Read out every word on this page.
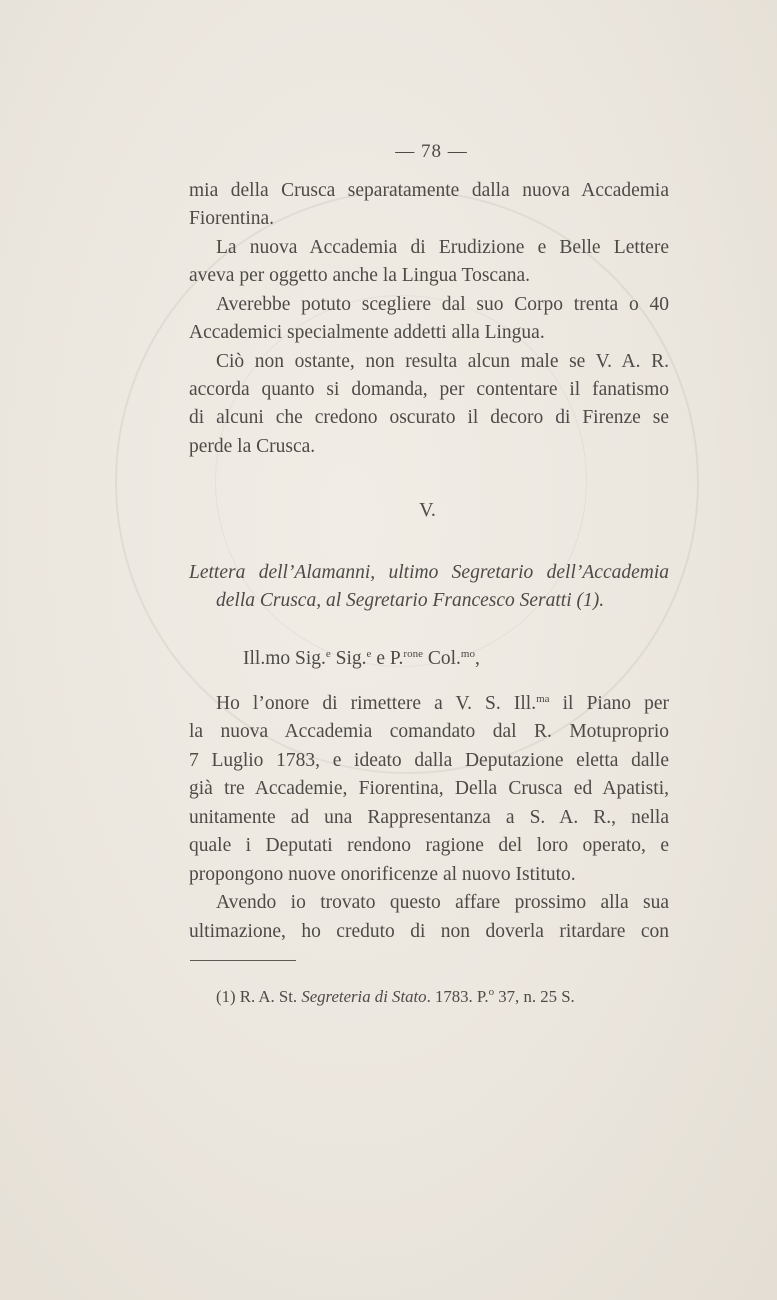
— 78 —
mia della Crusca separatamente dalla nuova Accademia
Fiorentina.
La nuova Accademia di Erudizione e Belle Lettere
aveva per oggetto anche la Lingua Toscana.
Averebbe potuto scegliere dal suo Corpo trenta o 40
Accademici specialmente addetti alla Lingua.
Ciò non ostante, non resulta alcun male se V. A. R.
accorda quanto si domanda, per contentare il fanatismo
di alcuni che credono oscurato il decoro di Firenze se
perde la Crusca.
V.
Lettera dell’Alamanni, ultimo Segretario dell’Accademia
della Crusca, al Segretario Francesco Seratti (1).
Ill.mo Sig.$^e$ Sig.$^e$ e P.$^{rone}$ Col.$^{mo}$,
Ho l’onore di rimettere a V. S. Ill.$^{ma}$ il Piano per
la nuova Accademia comandato dal R. Motuproprio
7 Luglio 1783, e ideato dalla Deputazione eletta dalle
già tre Accademie, Fiorentina, Della Crusca ed Apatisti,
unitamente ad una Rappresentanza a S. A. R., nella
quale i Deputati rendono ragione del loro operato, e
propongono nuove onorificenze al nuovo Istituto.
Avendo io trovato questo affare prossimo alla sua
ultimazione, ho creduto di non doverla ritardare con
(1) R. A. St. Segreteria di Stato. 1783. P.$^o$ 37, n. 25 S.
